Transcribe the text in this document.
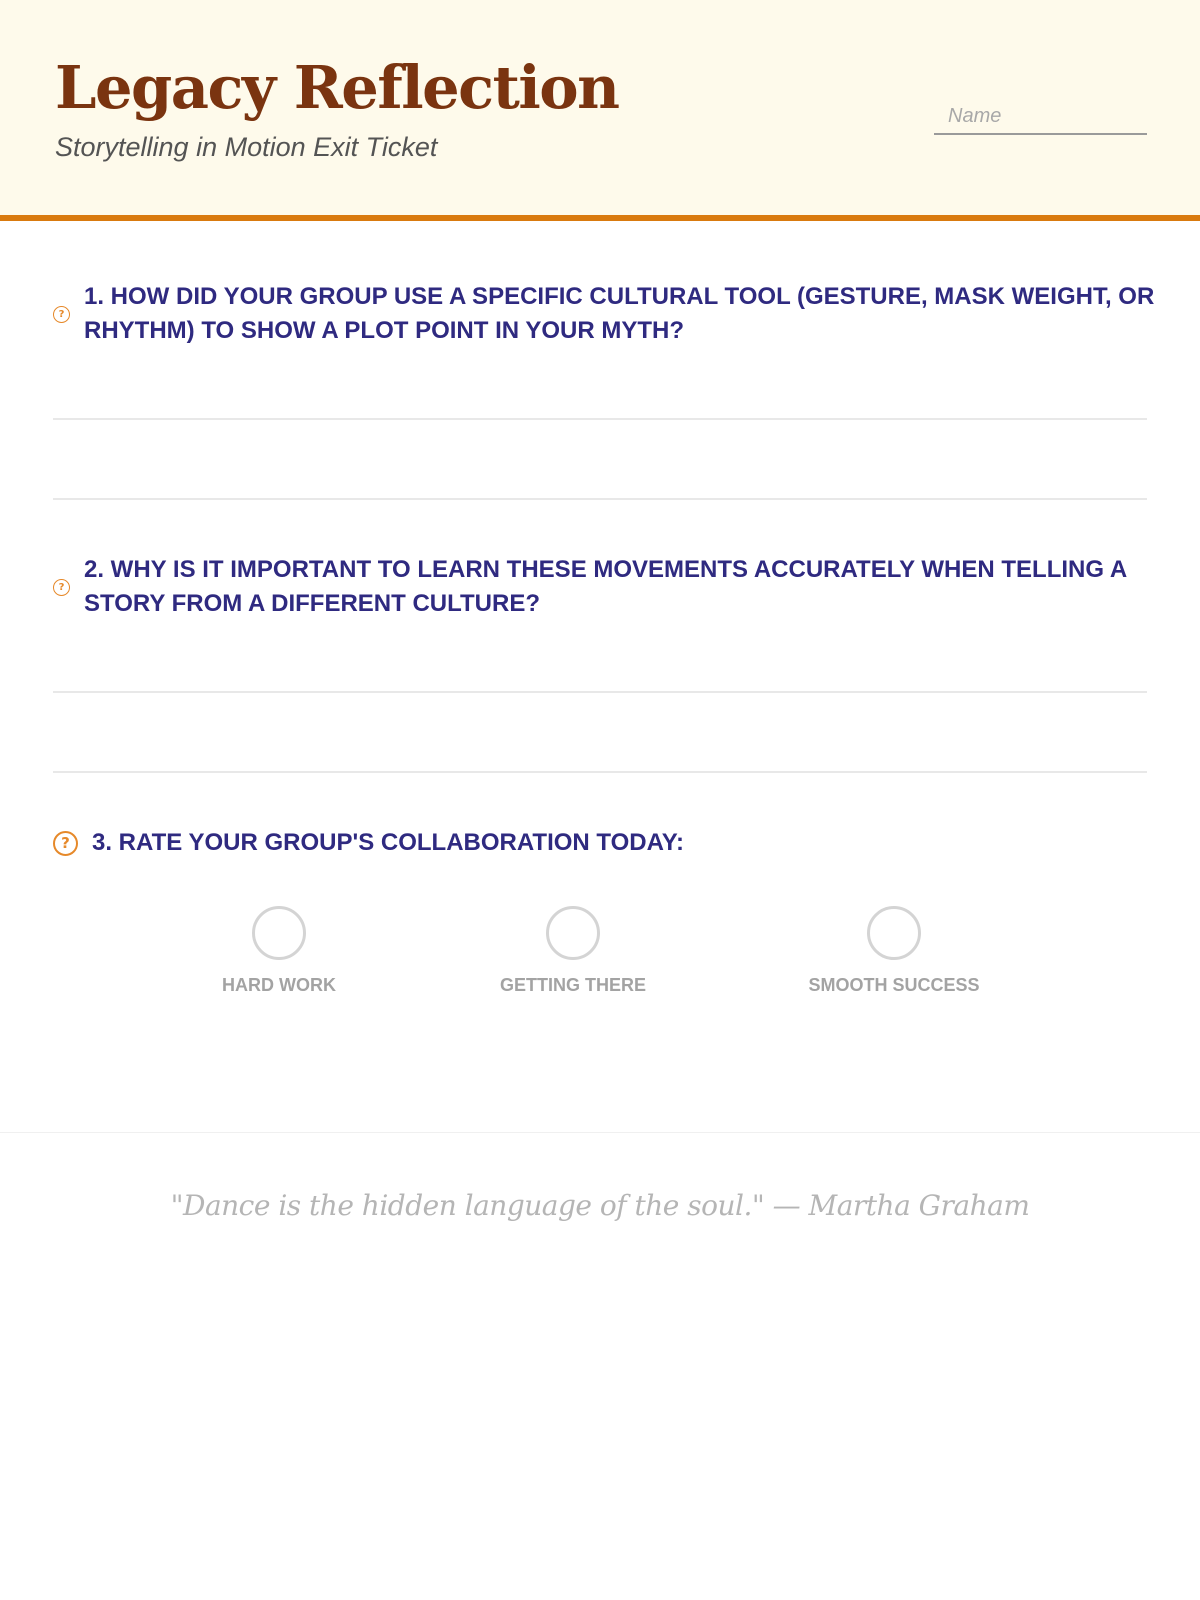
Legacy Reflection
Storytelling in Motion Exit Ticket
Name
?
1. HOW DID YOUR GROUP USE A SPECIFIC CULTURAL TOOL (GESTURE, MASK WEIGHT, OR RHYTHM) TO SHOW A PLOT POINT IN YOUR MYTH?
?
2. WHY IS IT IMPORTANT TO LEARN THESE MOVEMENTS ACCURATELY WHEN TELLING A STORY FROM A DIFFERENT CULTURE?
? 3. RATE YOUR GROUP'S COLLABORATION TODAY:
HARD WORK	GETTING THERE	SMOOTH SUCCESS
"Dance is the hidden language of the soul." — Martha Graham
